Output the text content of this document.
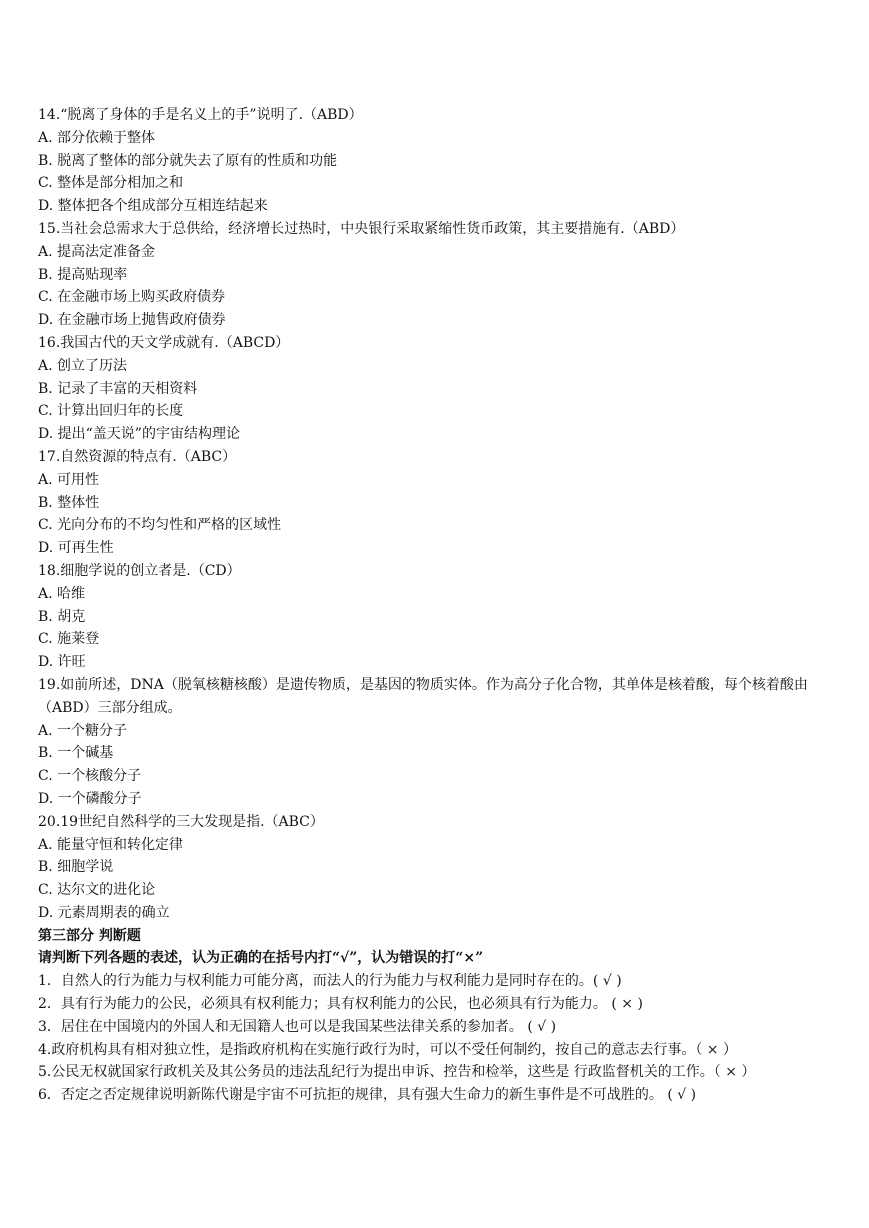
14.“脱离了身体的手是名义上的手”说明了.（ABD）
A. 部分依赖于整体
B. 脱离了整体的部分就失去了原有的性质和功能
C. 整体是部分相加之和
D. 整体把各个组成部分互相连结起来
15.当社会总需求大于总供给，经济增长过热时，中央银行采取紧缩性货币政策，其主要措施有.（ABD）
A. 提高法定准备金
B. 提高贴现率
C. 在金融市场上购买政府债券
D. 在金融市场上抛售政府债券
16.我国古代的天文学成就有.（ABCD）
A. 创立了历法
B. 记录了丰富的天相资料
C. 计算出回归年的长度
D. 提出“盖天说”的宇宙结构理论
17.自然资源的特点有.（ABC）
A. 可用性
B. 整体性
C. 光向分布的不均匀性和严格的区域性
D. 可再生性
18.细胞学说的创立者是.（CD）
A. 哈维
B. 胡克
C. 施莱登
D. 许旺
19.如前所述，DNA（脱氧核糖核酸）是遗传物质，是基因的物质实体。作为高分子化合物，其单体是核着酸，每个核着酸由（ABD）三部分组成。
A. 一个糖分子
B. 一个碱基
C. 一个核酸分子
D. 一个磷酸分子
20.19世纪自然科学的三大发现是指.（ABC）
A. 能量守恒和转化定律
B. 细胞学说
C. 达尔文的进化论
D. 元素周期表的确立
第三部分 判断题
请判断下列各题的表述，认为正确的在括号内打“√”，认为错误的打“×”
1．自然人的行为能力与权利能力可能分离，而法人的行为能力与权利能力是同时存在的。( √ )
2．具有行为能力的公民，必须具有权利能力；具有权利能力的公民，也必须具有行为能力。 ( × )
3．居住在中国境内的外国人和无国籍人也可以是我国某些法律关系的参加者。 ( √ )
4.政府机构具有相对独立性，是指政府机构在实施行政行为时，可以不受任何制约，按自己的意志去行事。（ × ）
5.公民无权就国家行政机关及其公务员的违法乱纪行为提出申诉、控告和检举，这些是 行政监督机关的工作。（ × ）
6．否定之否定规律说明新陈代谢是宇宙不可抗拒的规律，具有强大生命力的新生事件是不可战胜的。 ( √ )
